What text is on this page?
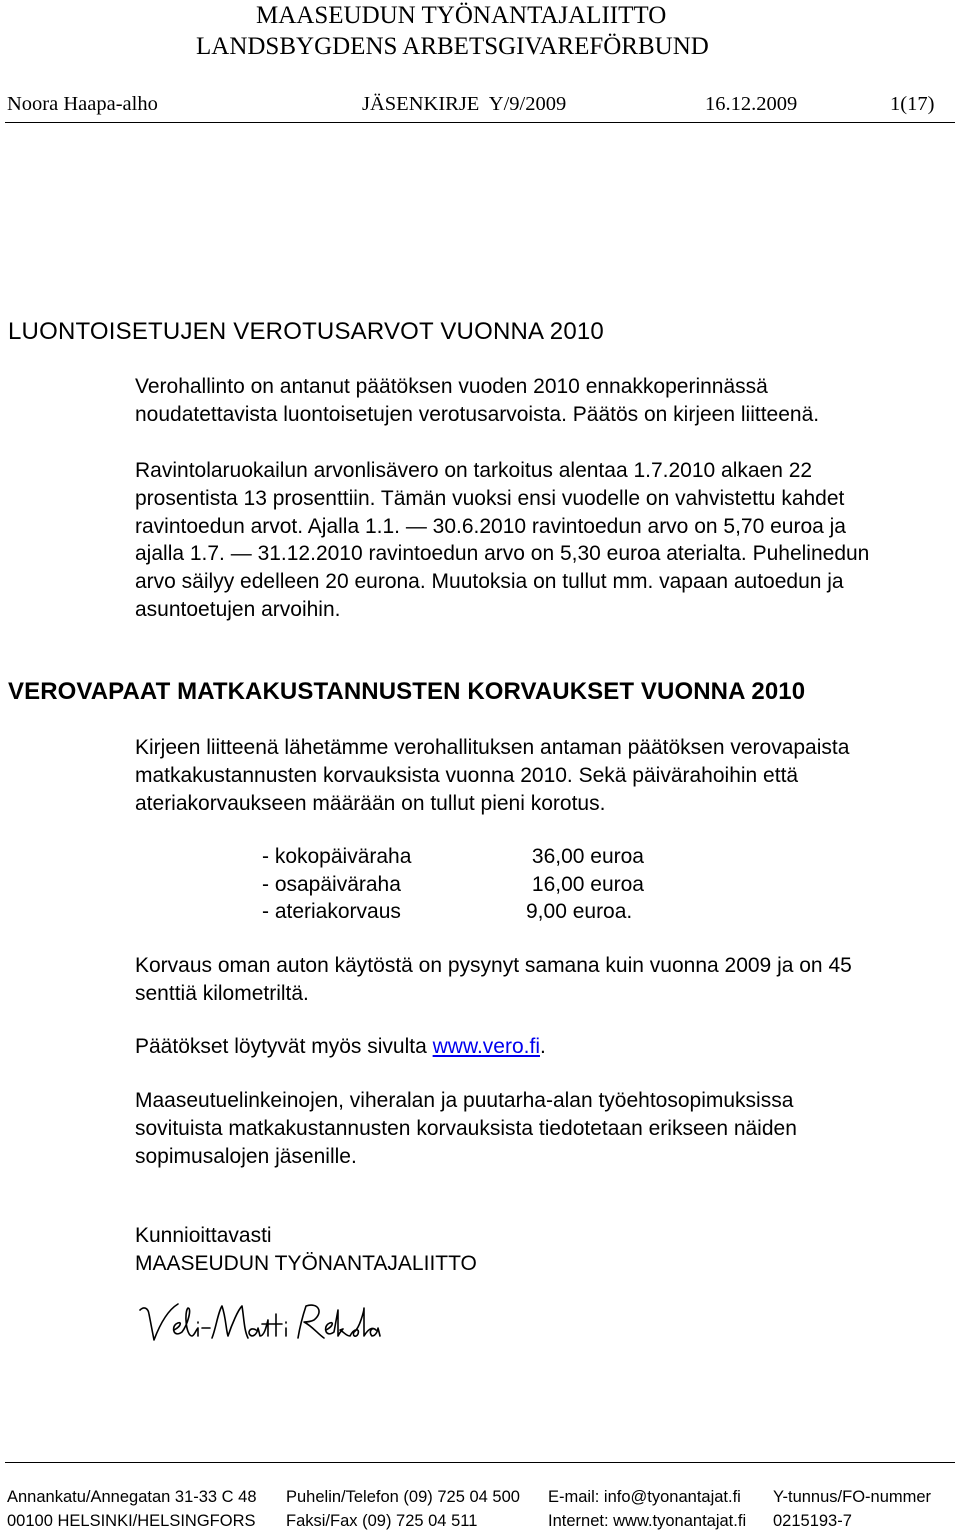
MAASEUDUN TYÖNANTAJALIITTO
LANDSBYGDENS ARBETSGIVAREFÖRBUND
Noora Haapa-alho	JÄSENKIRJE  Y/9/2009	16.12.2009	1(17)
LUONTOISETUJEN VEROTUSARVOT VUONNA 2010
Verohallinto on antanut päätöksen vuoden 2010 ennakkoperinnässä
noudatettavista luontoisetujen verotusarvoista. Päätös on kirjeen liitteenä.
Ravintolaruokailun arvonlisävero on tarkoitus alentaa 1.7.2010 alkaen 22
prosentista 13 prosenttiin. Tämän vuoksi ensi vuodelle on vahvistettu kahdet
ravintoedun arvot. Ajalla 1.1. — 30.6.2010 ravintoedun arvo on 5,70 euroa ja
ajalla 1.7. — 31.12.2010 ravintoedun arvo on 5,30 euroa aterialta. Puhelinedun
arvo säilyy edelleen 20 eurona. Muutoksia on tullut mm. vapaan autoedun ja
asuntoetujen arvoihin.
VEROVAPAAT MATKAKUSTANNUSTEN KORVAUKSET VUONNA 2010
Kirjeen liitteenä lähetämme verohallituksen antaman päätöksen verovapaista
matkakustannusten korvauksista vuonna 2010. Sekä päivärahoihin että
ateriakorvaukseen määrään on tullut pieni korotus.
- kokopäiväraha	36,00 euroa
- osapäiväraha	16,00 euroa
- ateriakorvaus	9,00 euroa.
Korvaus oman auton käytöstä on pysynyt samana kuin vuonna 2009 ja on 45
senttiä kilometriltä.
Päätökset löytyvät myös sivulta www.vero.fi.
Maaseutuelinkeinojen, viheralan ja puutarha-alan työehtosopimuksissa
sovituista matkakustannusten korvauksista tiedotetaan erikseen näiden
sopimusalojen jäsenille.
Kunnioittavasti
MAASEUDUN TYÖNANTAJALIITTO
Annankatu/Annegatan 31-33 C 48
00100 HELSINKI/HELSINGFORS
Puhelin/Telefon (09) 725 04 500
Faksi/Fax (09) 725 04 511
E-mail: info@tyonantajat.fi
Internet: www.tyonantajat.fi
Y-tunnus/FO-nummer
0215193-7
